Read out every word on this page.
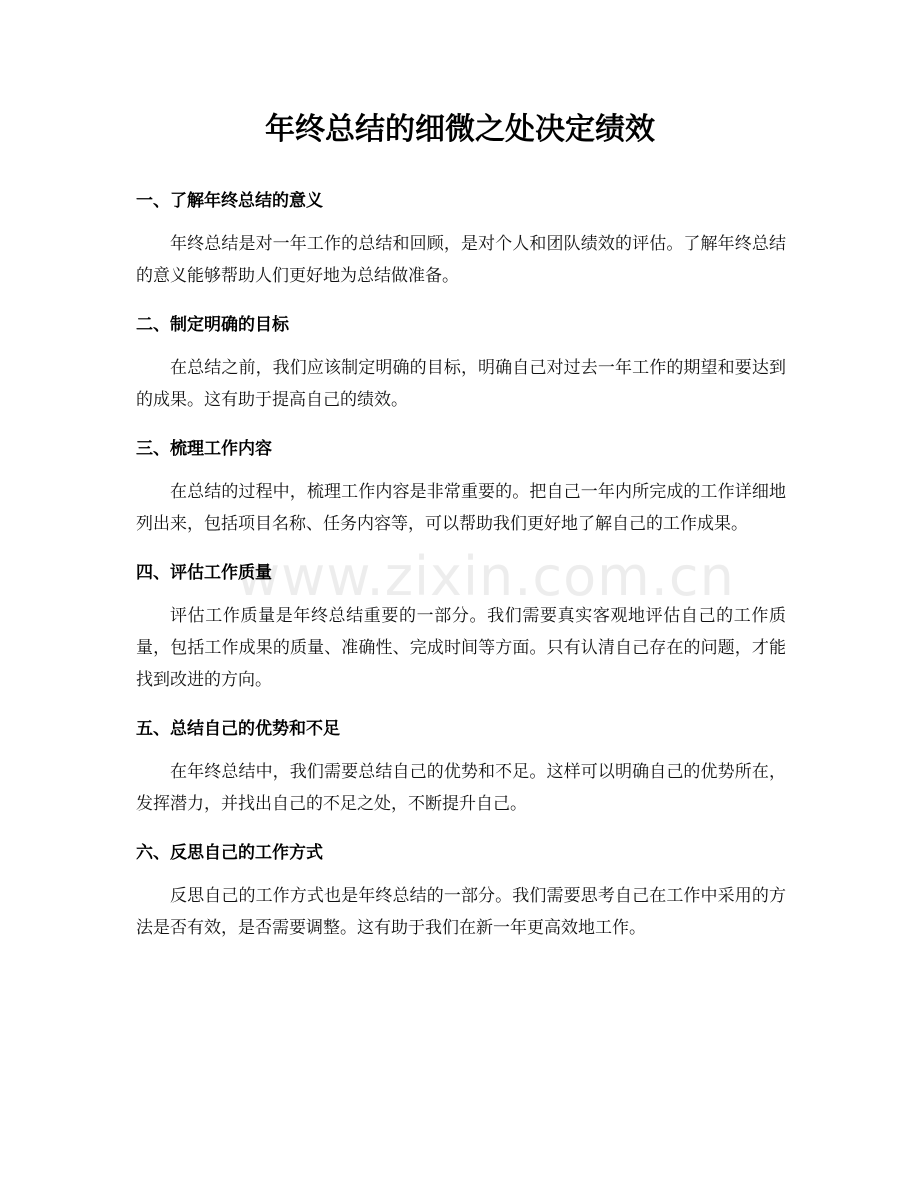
年终总结的细微之处决定绩效
一、了解年终总结的意义

年终总结是对一年工作的总结和回顾，是对个人和团队绩效的评估。了解年终总结的意义能够帮助人们更好地为总结做准备。

二、制定明确的目标

在总结之前，我们应该制定明确的目标，明确自己对过去一年工作的期望和要达到的成果。这有助于提高自己的绩效。

三、梳理工作内容

在总结的过程中，梳理工作内容是非常重要的。把自己一年内所完成的工作详细地列出来，包括项目名称、任务内容等，可以帮助我们更好地了解自己的工作成果。

四、评估工作质量

评估工作质量是年终总结重要的一部分。我们需要真实客观地评估自己的工作质量，包括工作成果的质量、准确性、完成时间等方面。只有认清自己存在的问题，才能找到改进的方向。

五、总结自己的优势和不足

在年终总结中，我们需要总结自己的优势和不足。这样可以明确自己的优势所在，发挥潜力，并找出自己的不足之处，不断提升自己。

六、反思自己的工作方式

反思自己的工作方式也是年终总结的一部分。我们需要思考自己在工作中采用的方法是否有效，是否需要调整。这有助于我们在新一年更高效地工作。

www.zixin.com.cn
